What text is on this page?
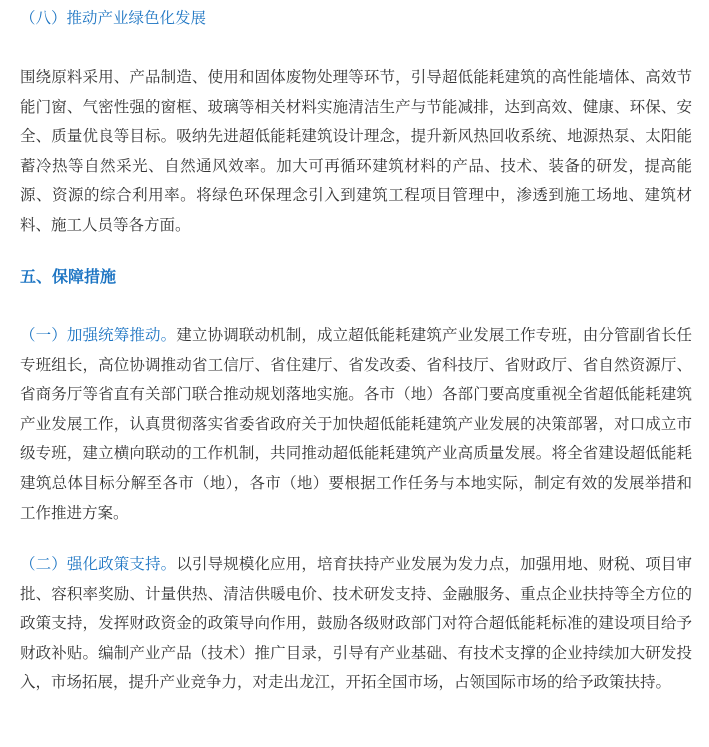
（八）推动产业绿色化发展

围绕原料采用、产品制造、使用和固体废物处理等环节，引导超低能耗建筑的高性能墙体、高效节能门窗、气密性强的窗框、玻璃等相关材料实施清洁生产与节能减排，达到高效、健康、环保、安全、质量优良等目标。吸纳先进超低能耗建筑设计理念，提升新风热回收系统、地源热泵、太阳能蓄冷热等自然采光、自然通风效率。加大可再循环建筑材料的产品、技术、装备的研发，提高能源、资源的综合利用率。将绿色环保理念引入到建筑工程项目管理中，渗透到施工场地、建筑材料、施工人员等各方面。

五、保障措施

（一）加强统筹推动。建立协调联动机制，成立超低能耗建筑产业发展工作专班，由分管副省长任专班组长，高位协调推动省工信厅、省住建厅、省发改委、省科技厅、省财政厅、省自然资源厅、省商务厅等省直有关部门联合推动规划落地实施。各市（地）各部门要高度重视全省超低能耗建筑产业发展工作，认真贯彻落实省委省政府关于加快超低能耗建筑产业发展的决策部署，对口成立市级专班，建立横向联动的工作机制，共同推动超低能耗建筑产业高质量发展。将全省建设超低能耗建筑总体目标分解至各市（地），各市（地）要根据工作任务与本地实际，制定有效的发展举措和工作推进方案。

（二）强化政策支持。以引导规模化应用，培育扶持产业发展为发力点，加强用地、财税、项目审批、容积率奖励、计量供热、清洁供暖电价、技术研发支持、金融服务、重点企业扶持等全方位的政策支持，发挥财政资金的政策导向作用，鼓励各级财政部门对符合超低能耗标准的建设项目给予财政补贴。编制产业产品（技术）推广目录，引导有产业基础、有技术支撑的企业持续加大研发投入，市场拓展，提升产业竞争力，对走出龙江，开拓全国市场，占领国际市场的给予政策扶持。
